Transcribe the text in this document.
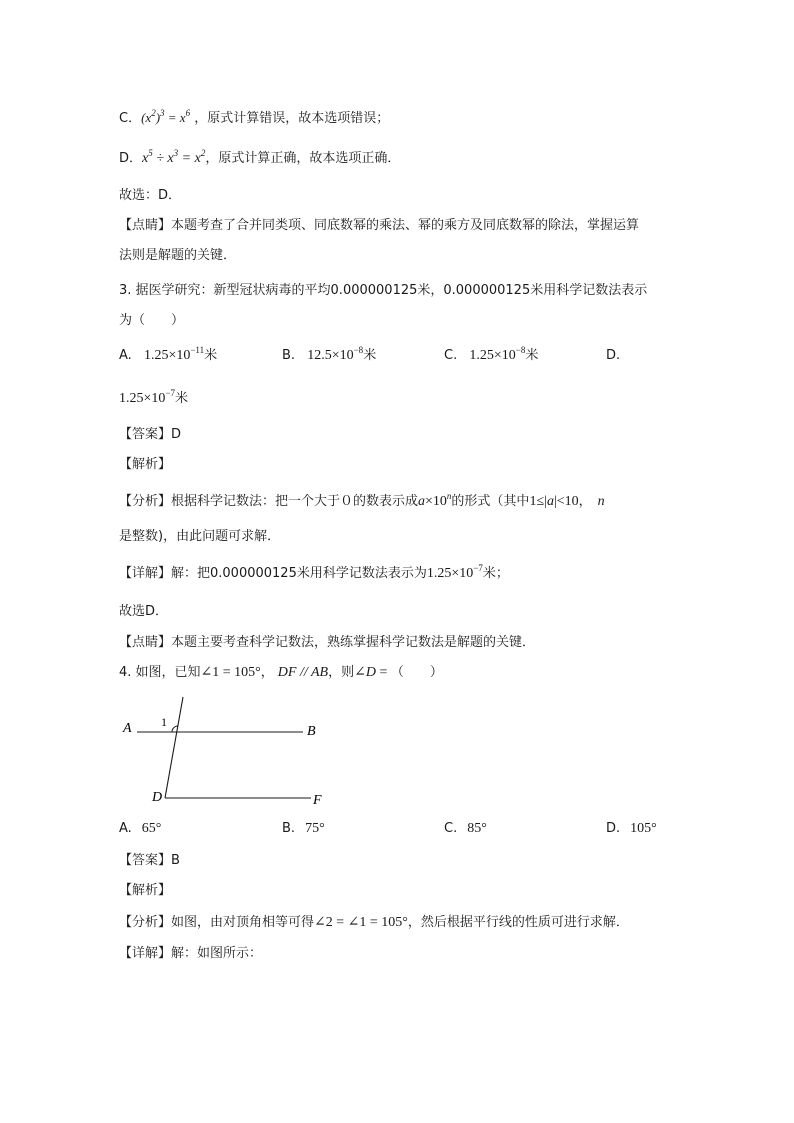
C．$(x^2)^3 = x^6$ ，原式计算错误，故本选项错误；
D．$x^5 \div x^3 = x^2$，原式计算正确，故本选项正确．
故选：D．
【点睛】本题考查了合并同类项、同底数幂的乘法、幂的乘方及同底数幂的除法，掌握运算
法则是解题的关键．
3. 据医学研究：新型冠状病毒的平均0.000000125米，0.000000125米用科学记数法表示
为（　　）
A. $1.25\times 10^{-11}$米	B. $12.5\times 10^{-8}$米	C. $1.25\times 10^{-8}$米	D.
$1.25\times 10^{-7}$米
【答案】D
【解析】
【分析】根据科学记数法：把一个大于０的数表示成$a\times 10^n$的形式（其中1≤|a|<10， n
是整数)，由此问题可求解．
【详解】解：把0.000000125米用科学记数法表示为$1.25\times 10^{-7}$米；
故选D．
【点睛】本题主要考查科学记数法，熟练掌握科学记数法是解题的关键．
4. 如图，已知∠1 = 105°， DF // AB，则∠D = （　　）
A	B
D	F
1
A. 65°	B. 75°	C. 85°	D. 105°
【答案】B
【解析】
【分析】如图，由对顶角相等可得∠2 = ∠1 = 105°，然后根据平行线的性质可进行求解．
【详解】解：如图所示：
